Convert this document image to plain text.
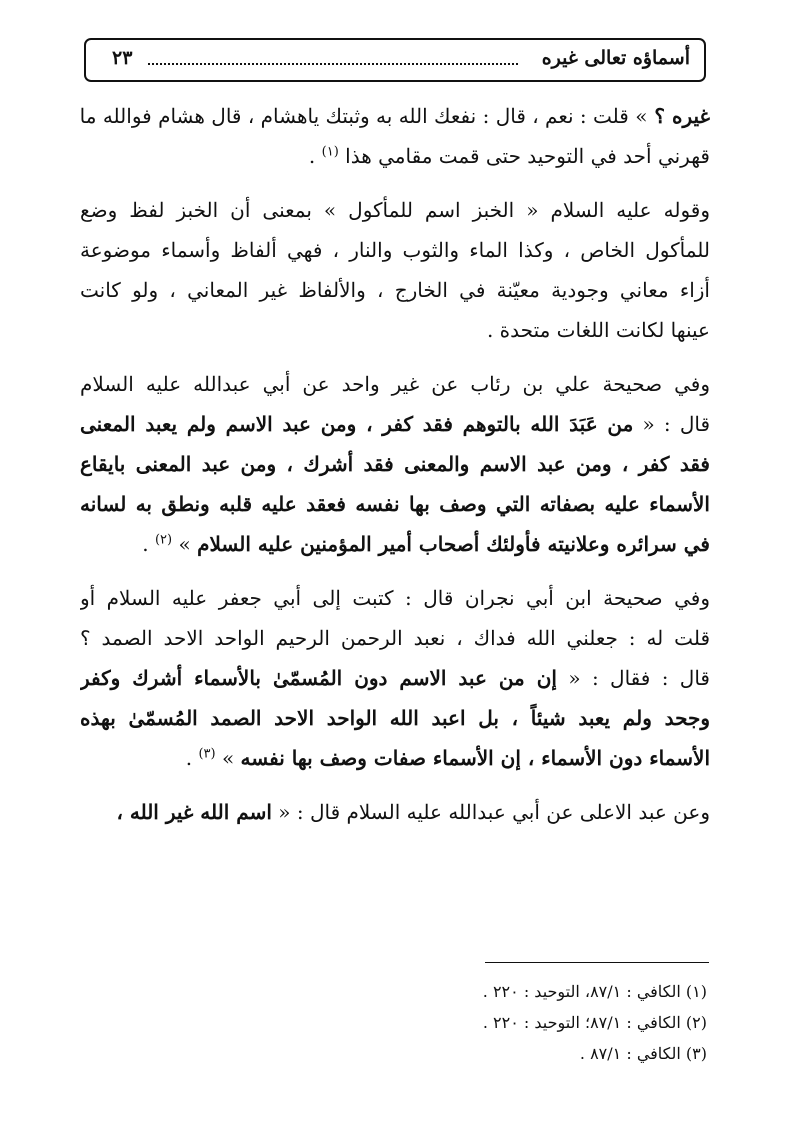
أسماؤه تعالى غيره
٢٣
غيره ؟ » قلت : نعم ، قال : نفعك الله به وثبتك ياهشام ، قال هشام فوالله ما
قهرني أحد في التوحيد حتى قمت مقامي هذا $^{(١)}$ .
وقوله عليه السلام « الخبز اسم للمأكول » بمعنى أن الخبز لفظ وضع
للمأكول الخاص ، وكذا الماء والثوب والنار ، فهي ألفاظ وأسماء موضوعة
أزاء معاني وجودية معيّنة في الخارج ، والألفاظ غير المعاني ، ولو كانت
عينها لكانت اللغات متحدة .
وفي صحيحة علي بن رئاب عن غير واحد عن أبي عبدالله عليه السلام
قال : « من عَبَدَ الله بالتوهم فقد كفر ، ومن عبد الاسم ولم يعبد المعنى
فقد كفر ، ومن عبد الاسم والمعنى فقد أشرك ، ومن عبد المعنى بايقاع
الأسماء عليه بصفاته التي وصف بها نفسه فعقد عليه قلبه ونطق به لسانه
في سرائره وعلانيته فأولئك أصحاب أمير المؤمنين عليه السلام » $^{(٢)}$ .
وفي صحيحة ابن أبي نجران قال : كتبت إلى أبي جعفر عليه السلام أو
قلت له : جعلني الله فداك ، نعبد الرحمن الرحيم الواحد الاحد الصمد ؟
قال : فقال : « إن من عبد الاسم دون المُسمّىٰ بالأسماء أشرك وكفر
وجحد ولم يعبد شيئاً ، بل اعبد الله الواحد الاحد الصمد المُسمّىٰ بهذه
الأسماء دون الأسماء ، إن الأسماء صفات وصف بها نفسه » $^{(٣)}$ .
وعن عبد الاعلى عن أبي عبدالله عليه السلام قال : « اسم الله غير الله ،
(١) الكافي : ٨٧/١، التوحيد : ٢٢٠ .
(٢) الكافي : ٨٧/١؛ التوحيد : ٢٢٠ .
(٣) الكافي : ٨٧/١ .
